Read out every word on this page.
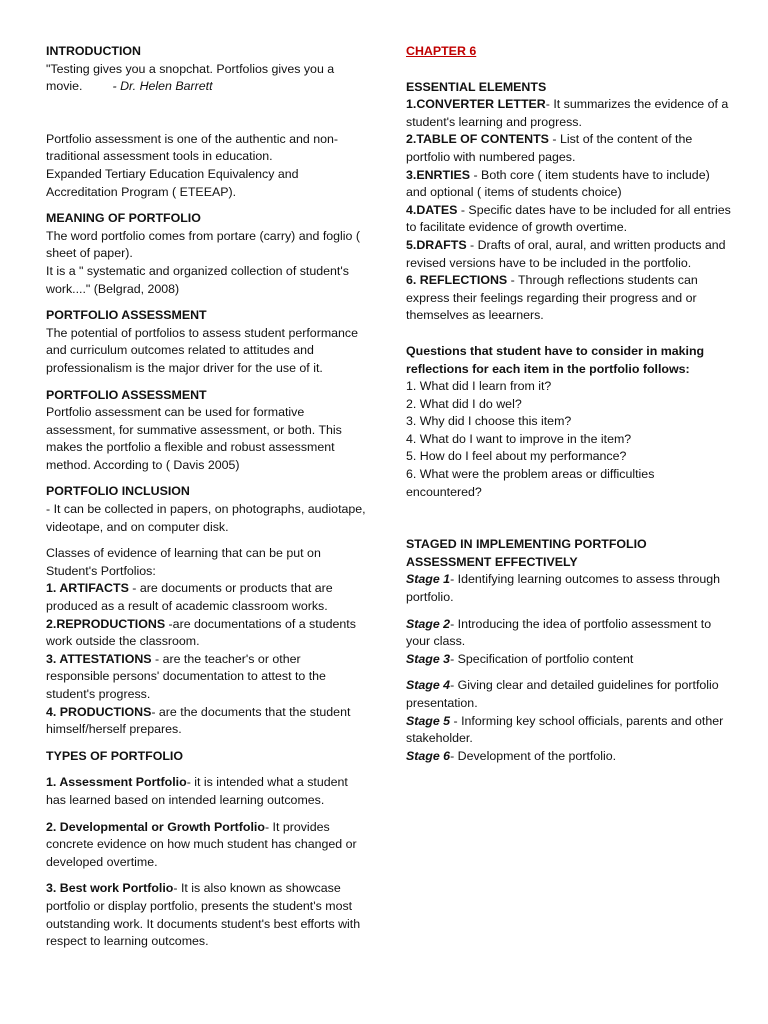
INTRODUCTION

"Testing gives you a snopchat. Portfolios gives you a

movie. - Dr. Helen Barrett

Portfolio assessment is one of the authentic and non-traditional assessment tools in education.

Expanded Tertiary Education Equivalency and Accreditation Program ( ETEEAP).

MEANING OF PORTFOLIO

The word portfolio comes from portare (carry) and foglio ( sheet of paper).

It is a " systematic and organized collection of student's work...." (Belgrad, 2008)

PORTFOLIO ASSESSMENT

The potential of portfolios to assess student performance and curriculum outcomes related to attitudes and professionalism is the major driver for the use of it.

PORTFOLIO ASSESSMENT

Portfolio assessment can be used for formative assessment, for summative assessment, or both. This makes the portfolio a flexible and robust assessment method. According to ( Davis 2005)

PORTFOLIO INCLUSION

- It can be collected in papers, on photographs, audiotape, videotape, and on computer disk.

Classes of evidence of learning that can be put on Student's Portfolios:

1. ARTIFACTS - are documents or products that are produced as a result of academic classroom works.

2.REPRODUCTIONS -are documentations of a students work outside the classroom.

3. ATTESTATIONS - are the teacher's or other responsible persons' documentation to attest to the student's progress.

4. PRODUCTIONS- are the documents that the student himself/herself prepares.

TYPES OF PORTFOLIO

1. Assessment Portfolio- it is intended what a student has learned based on intended learning outcomes.

2. Developmental or Growth Portfolio- It provides concrete evidence on how much student has changed or developed overtime.

3. Best work Portfolio- It is also known as showcase portfolio or display portfolio, presents the student's most outstanding work. It documents student's best efforts with respect to learning outcomes.

CHAPTER 6

ESSENTIAL ELEMENTS

1.CONVERTER LETTER- It summarizes the evidence of a student's learning and progress.

2.TABLE OF CONTENTS - List of the content of the portfolio with numbered pages.

3.ENRTIES - Both core ( item students have to include) and optional ( items of students choice)

4.DATES - Specific dates have to be included for all entries to facilitate evidence of growth overtime.

5.DRAFTS - Drafts of oral, aural, and written products and revised versions have to be included in the portfolio.

6. REFLECTIONS - Through reflections students can express their feelings regarding their progress and or themselves as leearners.

Questions that student have to consider in making reflections for each item in the portfolio follows:

1. What did I learn from it?

2. What did I do wel?

3. Why did I choose this item?

4. What do I want to improve in the item?

5. How do I feel about my performance?

6. What were the problem areas or difficulties encountered?

STAGED IN IMPLEMENTING PORTFOLIO ASSESSMENT EFFECTIVELY

Stage 1- Identifying learning outcomes to assess through portfolio.

Stage 2- Introducing the idea of portfolio assessment to your class.

Stage 3- Specification of portfolio content

Stage 4- Giving clear and detailed guidelines for portfolio presentation.

Stage 5 - Informing key school officials, parents and other stakeholder.

Stage 6- Development of the portfolio.
